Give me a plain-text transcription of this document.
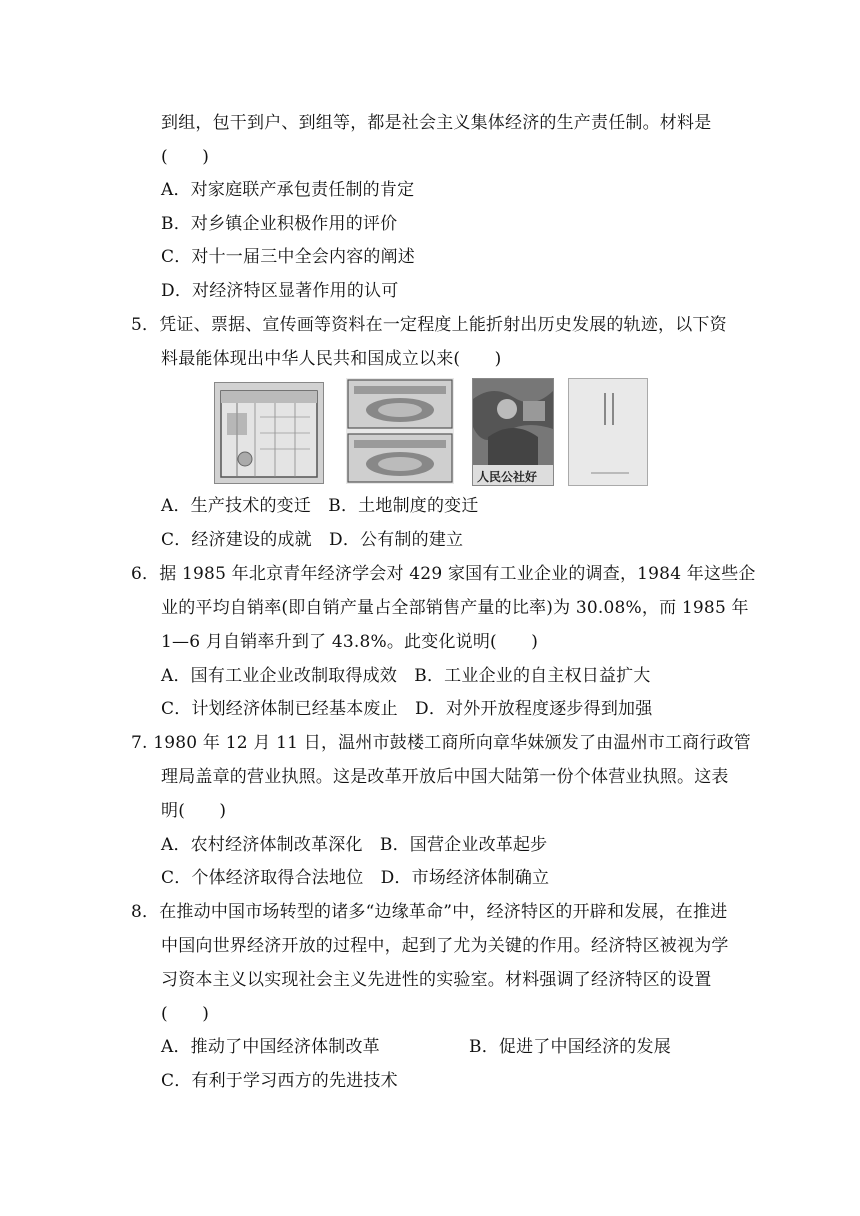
到组，包干到户、到组等，都是社会主义集体经济的生产责任制。材料是
(　　)
A．对家庭联产承包责任制的肯定
B．对乡镇企业积极作用的评价
C．对十一届三中全会内容的阐述
D．对经济特区显著作用的认可
5．凭证、票据、宣传画等资料在一定程度上能折射出历史发展的轨迹，以下资
料最能体现出中华人民共和国成立以来(　　)
人民公社好
A．生产技术的变迁　B．土地制度的变迁
C．经济建设的成就　D．公有制的建立
6．据 1985 年北京青年经济学会对 429 家国有工业企业的调查，1984 年这些企
业的平均自销率(即自销产量占全部销售产量的比率)为 30.08%，而 1985 年
1—6 月自销率升到了 43.8%。此变化说明(　　)
A．国有工业企业改制取得成效　B．工业企业的自主权日益扩大
C．计划经济体制已经基本废止　D．对外开放程度逐步得到加强
7. 1980 年 12 月 11 日，温州市鼓楼工商所向章华妹颁发了由温州市工商行政管
理局盖章的营业执照。这是改革开放后中国大陆第一份个体营业执照。这表
明(　　)
A．农村经济体制改革深化　B．国营企业改革起步
C．个体经济取得合法地位　D．市场经济体制确立
8．在推动中国市场转型的诸多“边缘革命”中，经济特区的开辟和发展，在推进
中国向世界经济开放的过程中，起到了尤为关键的作用。经济特区被视为学
习资本主义以实现社会主义先进性的实验室。材料强调了经济特区的设置
(　　)
A．推动了中国经济体制改革	B．促进了中国经济的发展
C．有利于学习西方的先进技术
